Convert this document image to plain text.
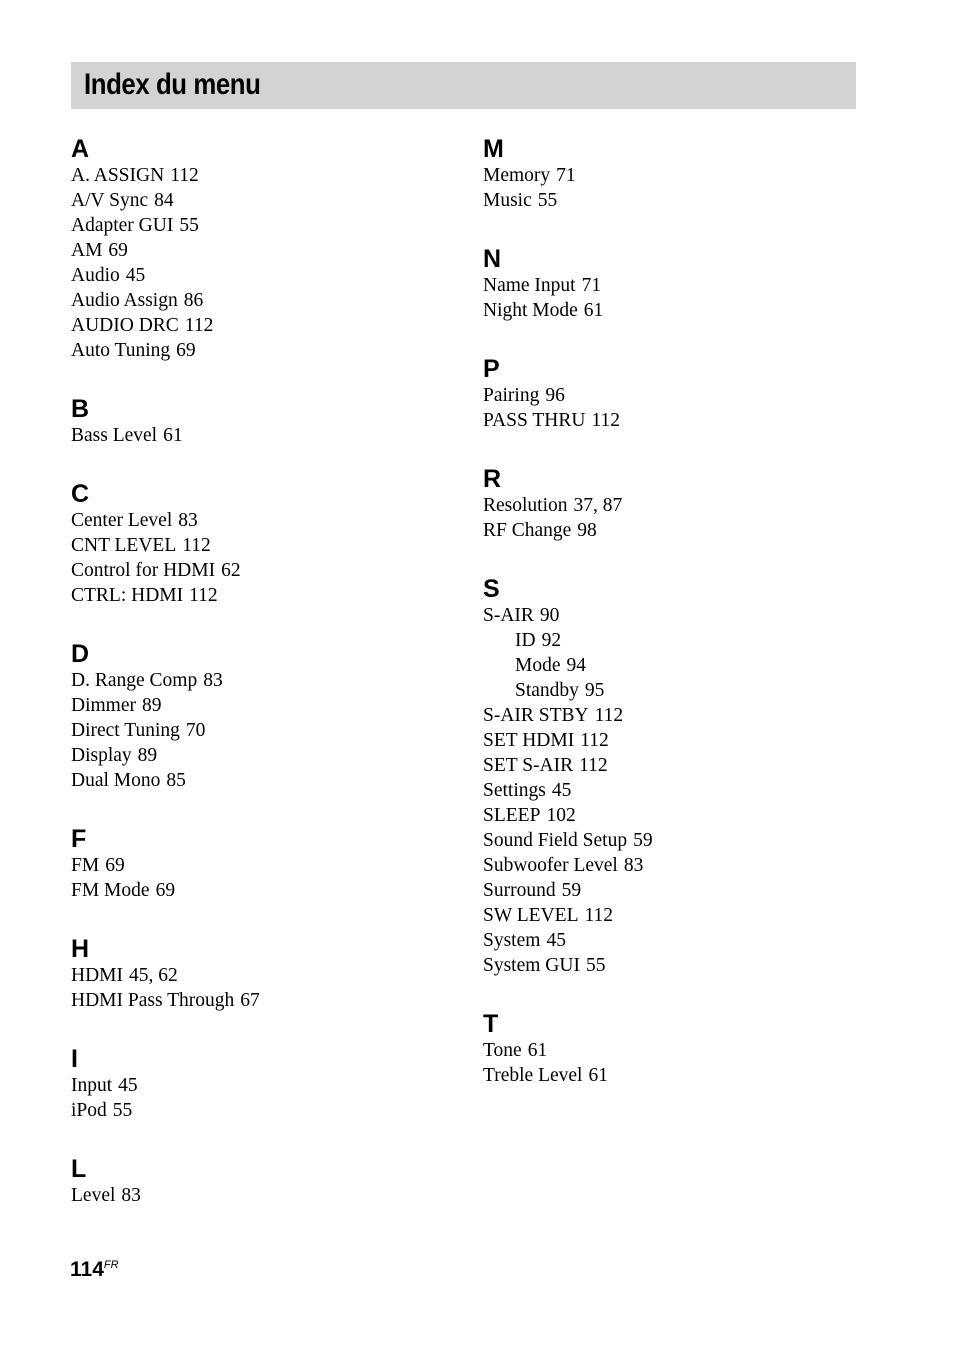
Index du menu
A
A. ASSIGN 112
A/V Sync 84
Adapter GUI 55
AM 69
Audio 45
Audio Assign 86
AUDIO DRC 112
Auto Tuning 69
B
Bass Level 61
C
Center Level 83
CNT LEVEL 112
Control for HDMI 62
CTRL: HDMI 112
D
D. Range Comp 83
Dimmer 89
Direct Tuning 70
Display 89
Dual Mono 85
F
FM 69
FM Mode 69
H
HDMI 45, 62
HDMI Pass Through 67
I
Input 45
iPod 55
L
Level 83
M
Memory 71
Music 55
N
Name Input 71
Night Mode 61
P
Pairing 96
PASS THRU 112
R
Resolution 37, 87
RF Change 98
S
S-AIR 90
ID 92
Mode 94
Standby 95
S-AIR STBY 112
SET HDMI 112
SET S-AIR 112
Settings 45
SLEEP 102
Sound Field Setup 59
Subwoofer Level 83
Surround 59
SW LEVEL 112
System 45
System GUI 55
T
Tone 61
Treble Level 61
$114^{FR}$
